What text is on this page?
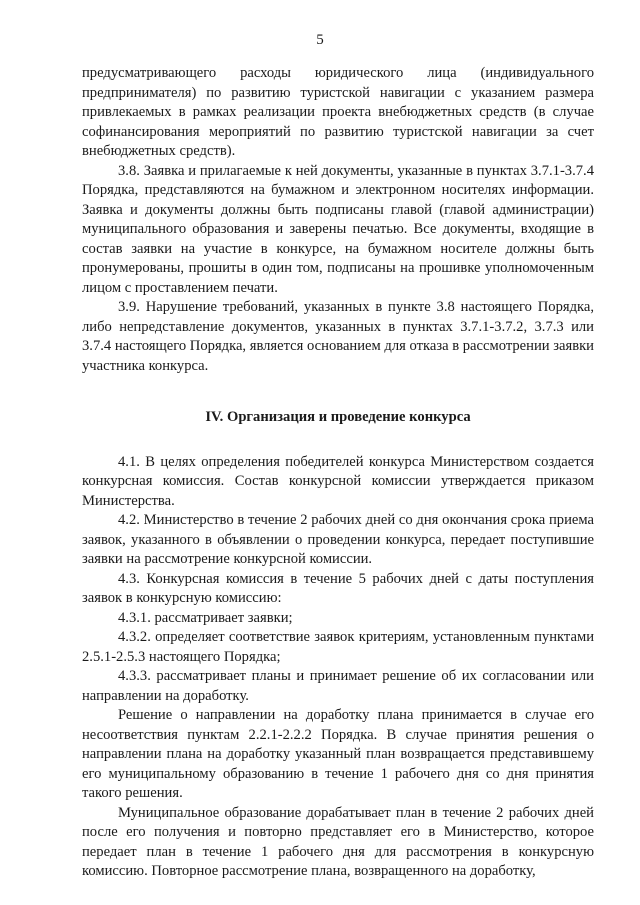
5

предусматривающего расходы юридического лица (индивидуального предпринимателя) по развитию туристской навигации с указанием размера привлекаемых в рамках реализации проекта внебюджетных средств (в случае софинансирования мероприятий по развитию туристской навигации за счет внебюджетных средств).

3.8. Заявка и прилагаемые к ней документы, указанные в пунктах 3.7.1-3.7.4 Порядка, представляются на бумажном и электронном носителях информации. Заявка и документы должны быть подписаны главой (главой администрации) муниципального образования и заверены печатью. Все документы, входящие в состав заявки на участие в конкурсе, на бумажном носителе должны быть пронумерованы, прошиты в один том, подписаны на прошивке уполномоченным лицом с проставлением печати.

3.9. Нарушение требований, указанных в пункте 3.8 настоящего Порядка, либо непредставление документов, указанных в пунктах 3.7.1-3.7.2, 3.7.3 или 3.7.4 настоящего Порядка, является основанием для отказа в рассмотрении заявки участника конкурса.

IV. Организация и проведение конкурса

4.1. В целях определения победителей конкурса Министерством создается конкурсная комиссия. Состав конкурсной комиссии утверждается приказом Министерства.

4.2. Министерство в течение 2 рабочих дней со дня окончания срока приема заявок, указанного в объявлении о проведении конкурса, передает поступившие заявки на рассмотрение конкурсной комиссии.

4.3. Конкурсная комиссия в течение 5 рабочих дней с даты поступления заявок в конкурсную комиссию:

4.3.1. рассматривает заявки;

4.3.2. определяет соответствие заявок критериям, установленным пунктами 2.5.1-2.5.3 настоящего Порядка;

4.3.3. рассматривает планы и принимает решение об их согласовании или направлении на доработку.

Решение о направлении на доработку плана принимается в случае его несоответствия пунктам 2.2.1-2.2.2 Порядка. В случае принятия решения о направлении плана на доработку указанный план возвращается представившему его муниципальному образованию в течение 1 рабочего дня со дня принятия такого решения.

Муниципальное образование дорабатывает план в течение 2 рабочих дней после его получения и повторно представляет его в Министерство, которое передает план в течение 1 рабочего дня для рассмотрения в конкурсную комиссию. Повторное рассмотрение плана, возвращенного на доработку,
